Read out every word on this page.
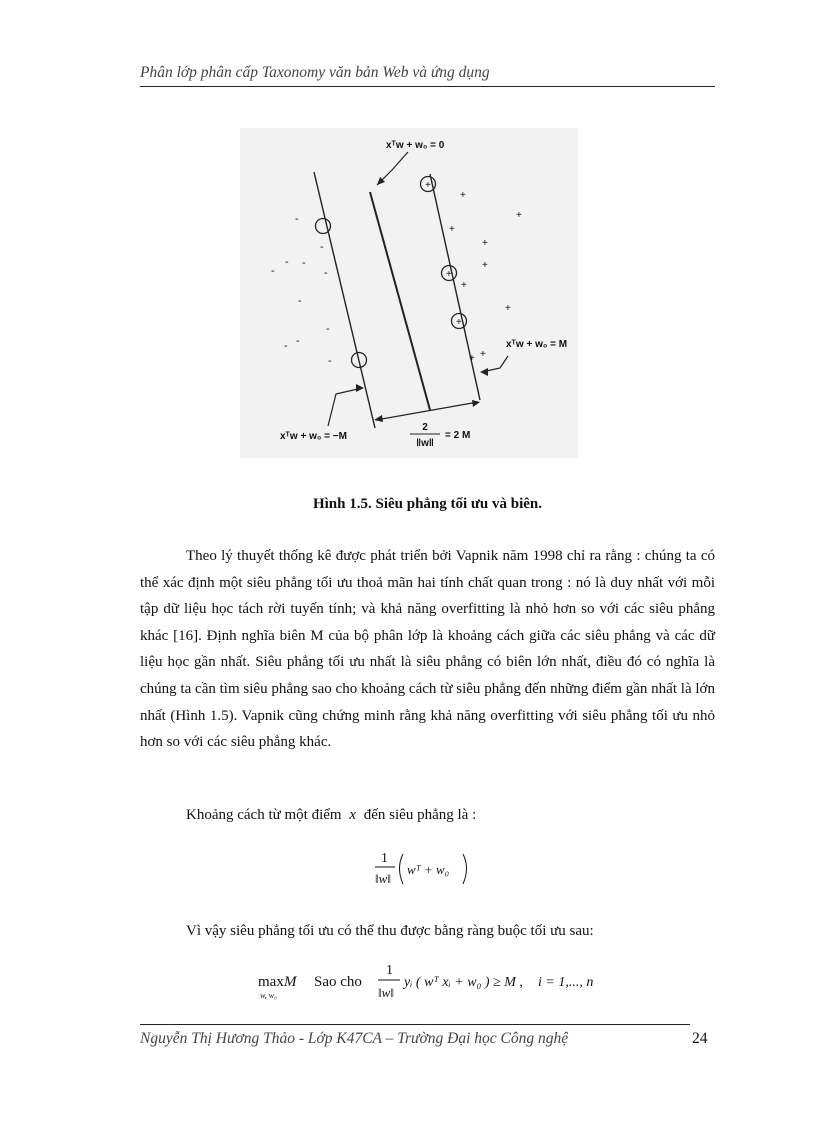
Phân lớp phân cấp Taxonomy văn bản Web và ứng dụng
+
+
+
-
-
- -
-	-
-
-
-
-
-
+
+
+
+
+
+
+
+
+
xᵀw + w₀ = 0
xᵀw + w₀ = M
xᵀw + w₀ = −M
2
‖w‖
= 2 M
Hình 1.5. Siêu phẳng tối ưu và biên.

Theo lý thuyết thống kê được phát triển bởi Vapnik năm 1998 chỉ ra rằng : chúng ta có thể xác định một siêu phẳng tối ưu thoả mãn hai tính chất quan trong : nó là duy nhất với mỗi tập dữ liệu học tách rời tuyến tính; và khả năng overfitting là nhỏ hơn so với các siêu phẳng khác [16]. Định nghĩa biên M của bộ phân lớp là khoảng cách giữa các siêu phẳng và các dữ liệu học gần nhất. Siêu phẳng tối ưu nhất là siêu phẳng có biên lớn nhất, điều đó có nghĩa là chúng ta cần tìm siêu phẳng sao cho khoảng cách từ siêu phẳng đến những điểm gần nhất là lớn nhất (Hình 1.5). Vapnik cũng chứng minh rằng khả năng overfitting với siêu phẳng tối ưu nhỏ hơn so với các siêu phẳng khác.

Khoảng cách từ một điểm x đến siêu phẳng là :
1
‖w‖
wᵀ + w₀
Vì vậy siêu phẳng tối ưu có thể thu được bằng ràng buộc tối ưu sau:
max M
w, w₀
Sao cho
1
‖w‖
yᵢ ( wᵀ xᵢ + w₀ ) ≥ M , i = 1,..., n
Nguyễn Thị Hương Thảo - Lớp K47CA – Trường Đại học Công nghệ	24
